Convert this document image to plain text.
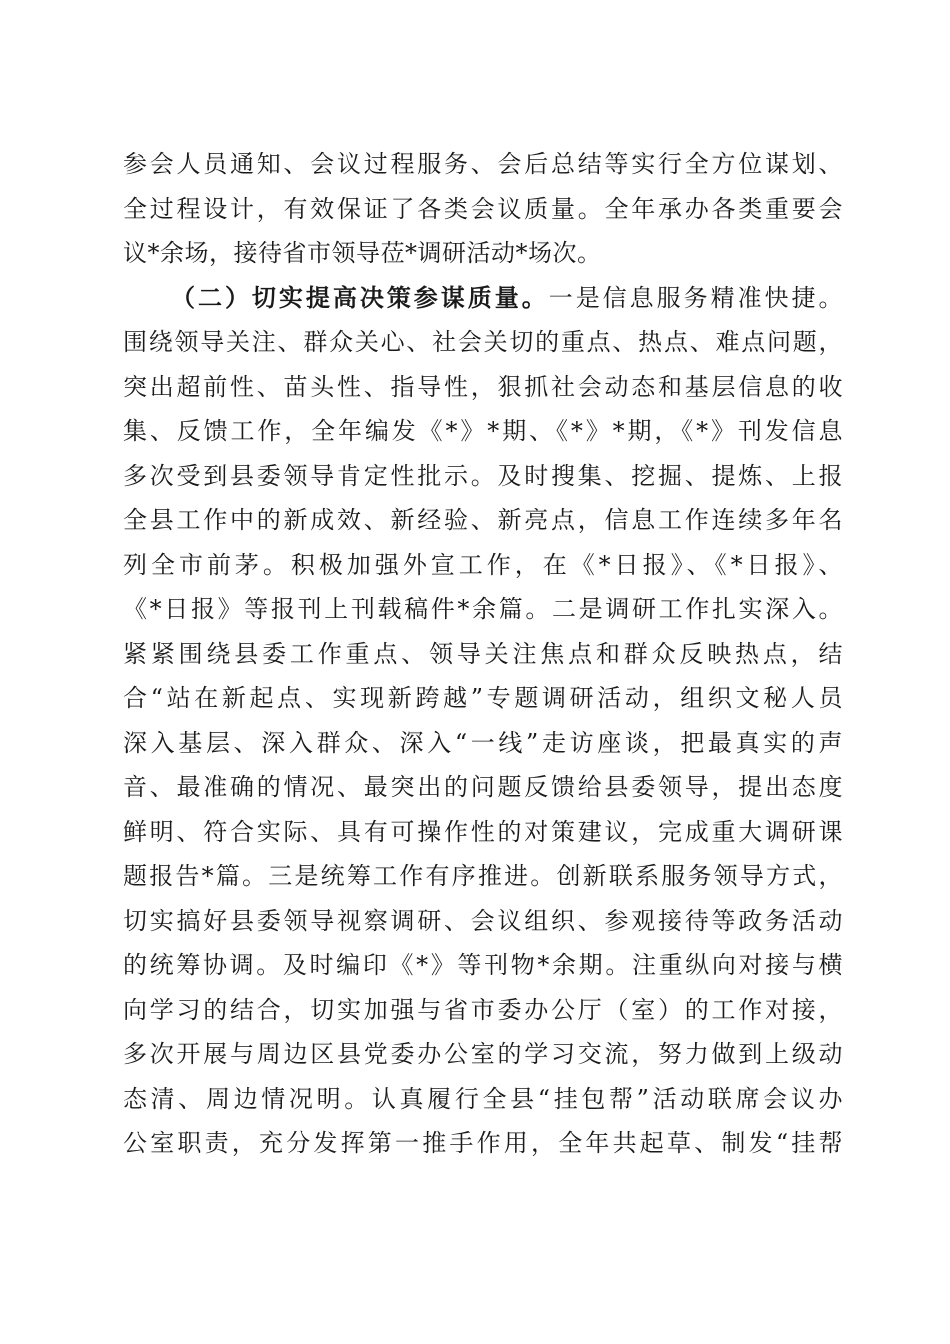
参会人员通知、会议过程服务、会后总结等实行全方位谋划、
全过程设计，有效保证了各类会议质量。全年承办各类重要会
议*余场，接待省市领导莅*调研活动*场次。
（二）切实提高决策参谋质量。一是信息服务精准快捷。
围绕领导关注、群众关心、社会关切的重点、热点、难点问题，
突出超前性、苗头性、指导性，狠抓社会动态和基层信息的收
集、反馈工作，全年编发《*》*期、《*》*期，《*》刊发信息
多次受到县委领导肯定性批示。及时搜集、挖掘、提炼、上报
全县工作中的新成效、新经验、新亮点，信息工作连续多年名
列全市前茅。积极加强外宣工作，在《*日报》、《*日报》、
《*日报》等报刊上刊载稿件*余篇。二是调研工作扎实深入。
紧紧围绕县委工作重点、领导关注焦点和群众反映热点，结
合“站在新起点、实现新跨越”专题调研活动，组织文秘人员
深入基层、深入群众、深入“一线”走访座谈，把最真实的声
音、最准确的情况、最突出的问题反馈给县委领导，提出态度
鲜明、符合实际、具有可操作性的对策建议，完成重大调研课
题报告*篇。三是统筹工作有序推进。创新联系服务领导方式，
切实搞好县委领导视察调研、会议组织、参观接待等政务活动
的统筹协调。及时编印《*》等刊物*余期。注重纵向对接与横
向学习的结合，切实加强与省市委办公厅（室）的工作对接，
多次开展与周边区县党委办公室的学习交流，努力做到上级动
态清、周边情况明。认真履行全县“挂包帮”活动联席会议办
公室职责，充分发挥第一推手作用，全年共起草、制发“挂帮
